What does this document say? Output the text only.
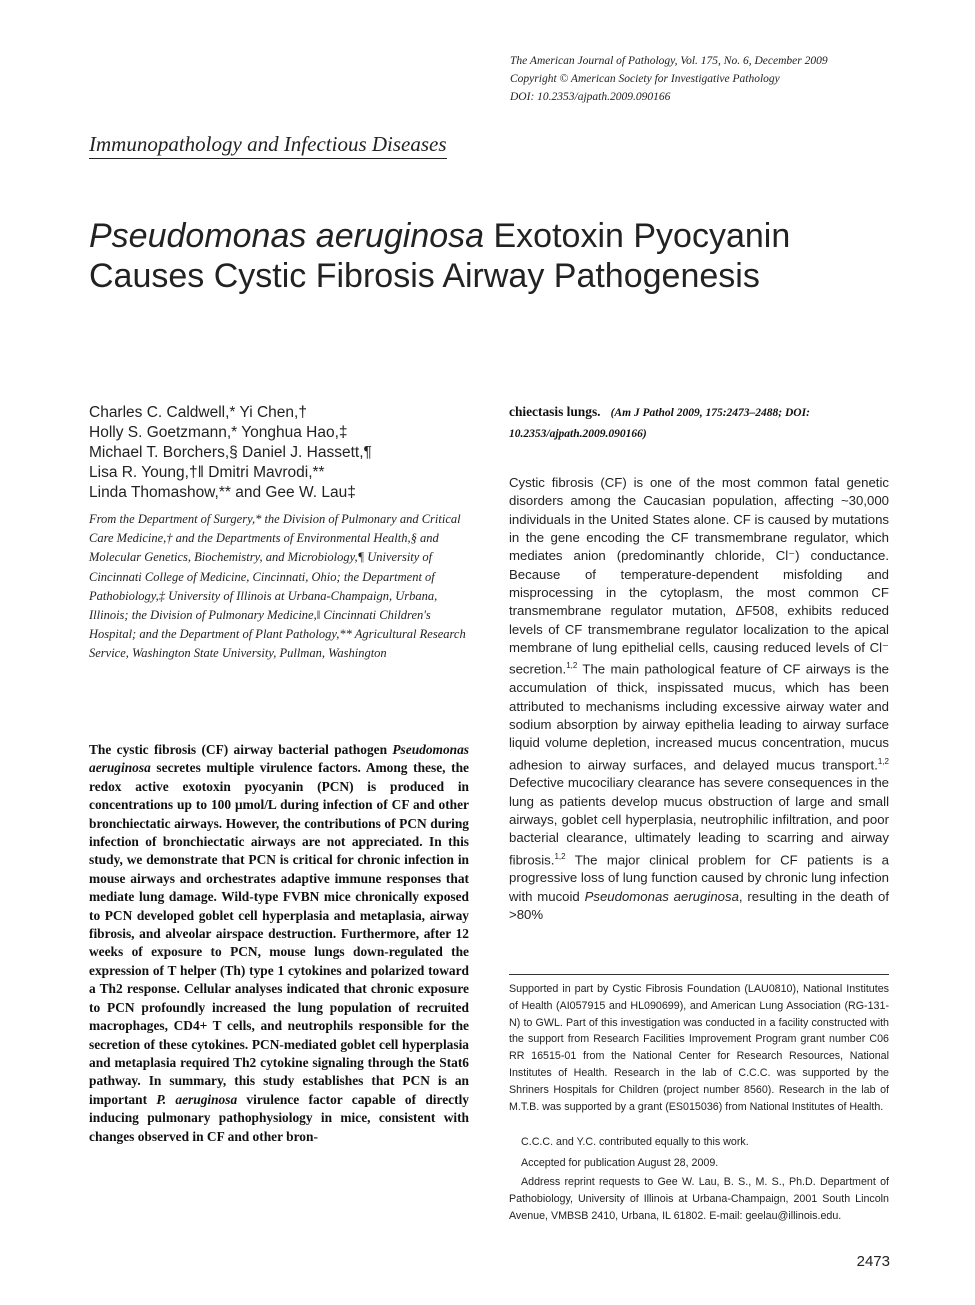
The American Journal of Pathology, Vol. 175, No. 6, December 2009
Copyright © American Society for Investigative Pathology
DOI: 10.2353/ajpath.2009.090166
Immunopathology and Infectious Diseases
Pseudomonas aeruginosa Exotoxin Pyocyanin
Causes Cystic Fibrosis Airway Pathogenesis
Charles C. Caldwell,* Yi Chen,†
Holly S. Goetzmann,* Yonghua Hao,‡
Michael T. Borchers,§ Daniel J. Hassett,¶
Lisa R. Young,†‖ Dmitri Mavrodi,**
Linda Thomashow,** and Gee W. Lau‡
From the Department of Surgery,* the Division of Pulmonary and Critical Care Medicine,† and the Departments of Environmental Health,§ and Molecular Genetics, Biochemistry, and Microbiology,¶ University of Cincinnati College of Medicine, Cincinnati, Ohio; the Department of Pathobiology,‡ University of Illinois at Urbana-Champaign, Urbana, Illinois; the Division of Pulmonary Medicine,‖ Cincinnati Children's Hospital; and the Department of Plant Pathology,** Agricultural Research Service, Washington State University, Pullman, Washington
The cystic fibrosis (CF) airway bacterial pathogen Pseudomonas aeruginosa secretes multiple virulence factors. Among these, the redox active exotoxin pyocyanin (PCN) is produced in concentrations up to 100 μmol/L during infection of CF and other bronchiectatic airways. However, the contributions of PCN during infection of bronchiectatic airways are not appreciated. In this study, we demonstrate that PCN is critical for chronic infection in mouse airways and orchestrates adaptive immune responses that mediate lung damage. Wild-type FVBN mice chronically exposed to PCN developed goblet cell hyperplasia and metaplasia, airway fibrosis, and alveolar airspace destruction. Furthermore, after 12 weeks of exposure to PCN, mouse lungs down-regulated the expression of T helper (Th) type 1 cytokines and polarized toward a Th2 response. Cellular analyses indicated that chronic exposure to PCN profoundly increased the lung population of recruited macrophages, CD4+ T cells, and neutrophils responsible for the secretion of these cytokines. PCN-mediated goblet cell hyperplasia and metaplasia required Th2 cytokine signaling through the Stat6 pathway. In summary, this study establishes that PCN is an important P. aeruginosa virulence factor capable of directly inducing pulmonary pathophysiology in mice, consistent with changes observed in CF and other bron-
chiectasis lungs. (Am J Pathol 2009, 175:2473–2488; DOI: 10.2353/ajpath.2009.090166)
Cystic fibrosis (CF) is one of the most common fatal genetic disorders among the Caucasian population, affecting ~30,000 individuals in the United States alone. CF is caused by mutations in the gene encoding the CF transmembrane regulator, which mediates anion (predominantly chloride, Cl⁻) conductance. Because of temperature-dependent misfolding and misprocessing in the cytoplasm, the most common CF transmembrane regulator mutation, ΔF508, exhibits reduced levels of CF transmembrane regulator localization to the apical membrane of lung epithelial cells, causing reduced levels of Cl⁻ secretion.$^{1,2}$ The main pathological feature of CF airways is the accumulation of thick, inspissated mucus, which has been attributed to mechanisms including excessive airway water and sodium absorption by airway epithelia leading to airway surface liquid volume depletion, increased mucus concentration, mucus adhesion to airway surfaces, and delayed mucus transport.$^{1,2}$ Defective mucociliary clearance has severe consequences in the lung as patients develop mucus obstruction of large and small airways, goblet cell hyperplasia, neutrophilic infiltration, and poor bacterial clearance, ultimately leading to scarring and airway fibrosis.$^{1,2}$ The major clinical problem for CF patients is a progressive loss of lung function caused by chronic lung infection with mucoid Pseudomonas aeruginosa, resulting in the death of >80%
Supported in part by Cystic Fibrosis Foundation (LAU0810), National Institutes of Health (AI057915 and HL090699), and American Lung Association (RG-131-N) to GWL. Part of this investigation was conducted in a facility constructed with the support from Research Facilities Improvement Program grant number C06 RR 16515-01 from the National Center for Research Resources, National Institutes of Health. Research in the lab of C.C.C. was supported by the Shriners Hospitals for Children (project number 8560). Research in the lab of M.T.B. was supported by a grant (ES015036) from National Institutes of Health.
C.C.C. and Y.C. contributed equally to this work.
Accepted for publication August 28, 2009.
Address reprint requests to Gee W. Lau, B. S., M. S., Ph.D. Department of Pathobiology, University of Illinois at Urbana-Champaign, 2001 South Lincoln Avenue, VMBSB 2410, Urbana, IL 61802. E-mail: geelau@illinois.edu.
2473
